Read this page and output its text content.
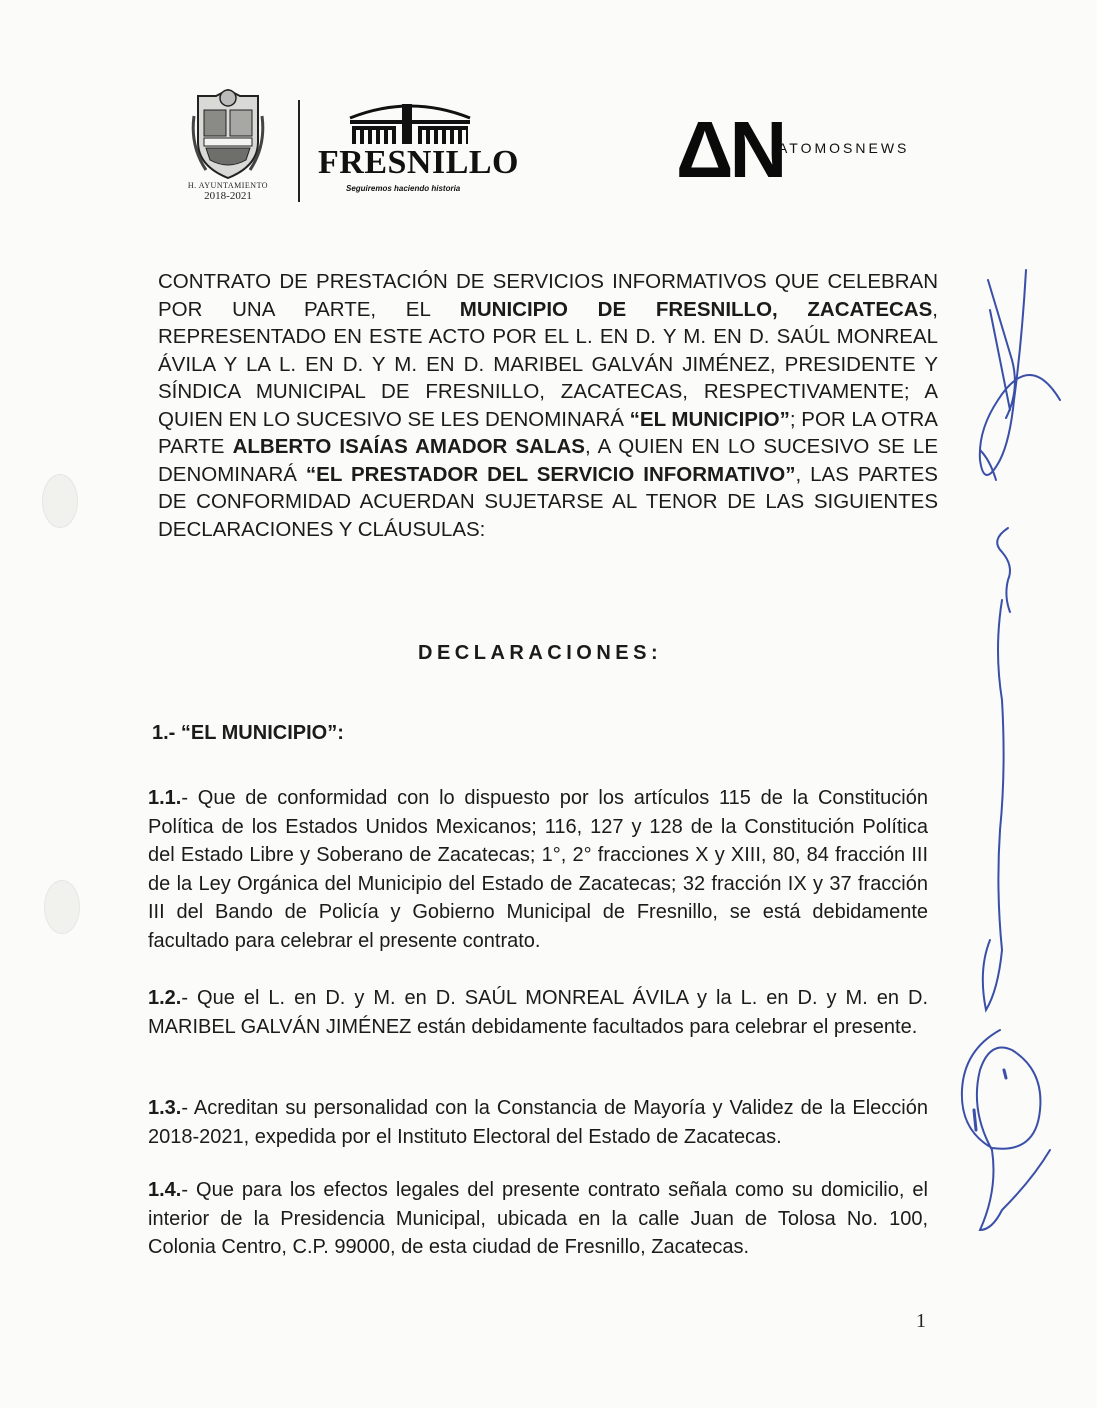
H. AYUNTAMIENTO
2018-2021
FRESNILLO
Seguiremos haciendo historia	ΔN
ATOMOSNEWS
CONTRATO DE PRESTACIÓN DE SERVICIOS INFORMATIVOS QUE CELEBRAN POR UNA PARTE, EL MUNICIPIO DE FRESNILLO, ZACATECAS, REPRESENTADO EN ESTE ACTO POR EL L. EN D. Y M. EN D. SAÚL MONREAL ÁVILA Y LA L. EN D. Y M. EN D. MARIBEL GALVÁN JIMÉNEZ, PRESIDENTE Y SÍNDICA MUNICIPAL DE FRESNILLO, ZACATECAS, RESPECTIVAMENTE; A QUIEN EN LO SUCESIVO SE LES DENOMINARÁ “EL MUNICIPIO”; POR LA OTRA PARTE ALBERTO ISAÍAS AMADOR SALAS, A QUIEN EN LO SUCESIVO SE LE DENOMINARÁ “EL PRESTADOR DEL SERVICIO INFORMATIVO”, LAS PARTES DE CONFORMIDAD ACUERDAN SUJETARSE AL TENOR DE LAS SIGUIENTES DECLARACIONES Y CLÁUSULAS:
DECLARACIONES:
1.- “EL MUNICIPIO”:
1.1.- Que de conformidad con lo dispuesto por los artículos 115 de la Constitución Política de los Estados Unidos Mexicanos; 116, 127 y 128 de la Constitución Política del Estado Libre y Soberano de Zacatecas; 1°, 2° fracciones X y XIII, 80, 84 fracción III de la Ley Orgánica del Municipio del Estado de Zacatecas; 32 fracción IX y 37 fracción III del Bando de Policía y Gobierno Municipal de Fresnillo, se está debidamente facultado para celebrar el presente contrato.
1.2.- Que el L. en D. y M. en D. SAÚL MONREAL ÁVILA y la L. en D. y M. en D. MARIBEL GALVÁN JIMÉNEZ están debidamente facultados para celebrar el presente.
1.3.- Acreditan su personalidad con la Constancia de Mayoría y Validez de la Elección 2018-2021, expedida por el Instituto Electoral del Estado de Zacatecas.
1.4.- Que para los efectos legales del presente contrato señala como su domicilio, el interior de la Presidencia Municipal, ubicada en la calle Juan de Tolosa No. 100, Colonia Centro, C.P. 99000, de esta ciudad de Fresnillo, Zacatecas.
1
